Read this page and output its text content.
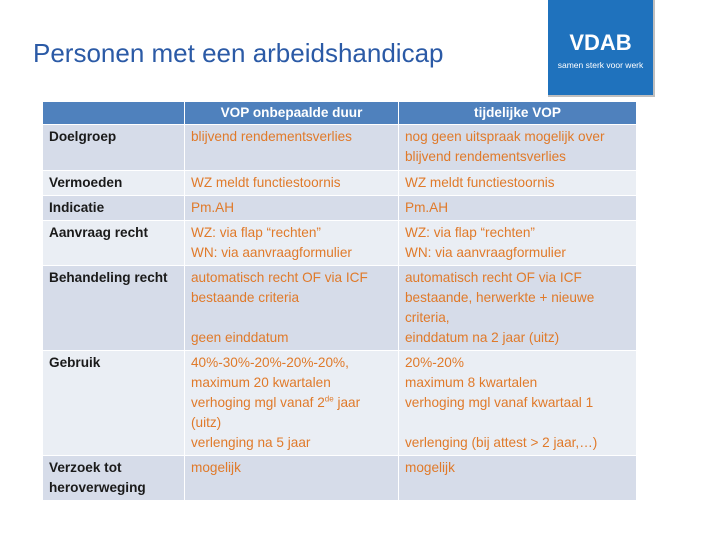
Personen met een arbeidshandicap	VDAB
samen sterk voor werk
	VOP onbepaalde duur	tijdelijke VOP
Doelgroep	blijvend rendementsverlies	nog geen uitspraak mogelijk over
blijvend rendementsverlies

Vermoeden	WZ meldt functiestoornis	WZ meldt functiestoornis

Indicatie	Pm.AH	Pm.AH

Aanvraag recht	WZ: via flap “rechten”
WN: via aanvraagformulier	WZ: via flap “rechten”
WN: via aanvraagformulier

Behandeling recht	automatisch recht OF via ICF
bestaande criteria
geen einddatum	automatisch recht OF via ICF
bestaande, herwerkte + nieuwe
criteria,
einddatum na 2 jaar (uitz)

Gebruik	40%-30%-20%-20%-20%,
maximum 20 kwartalen
verhoging mgl vanaf 2de jaar
(uitz)
verlenging na 5 jaar	20%-20%
maximum 8 kwartalen
verhoging mgl vanaf kwartaal 1
verlenging (bij attest > 2 jaar,…)

Verzoek tot
heroverweging	mogelijk	mogelijk
